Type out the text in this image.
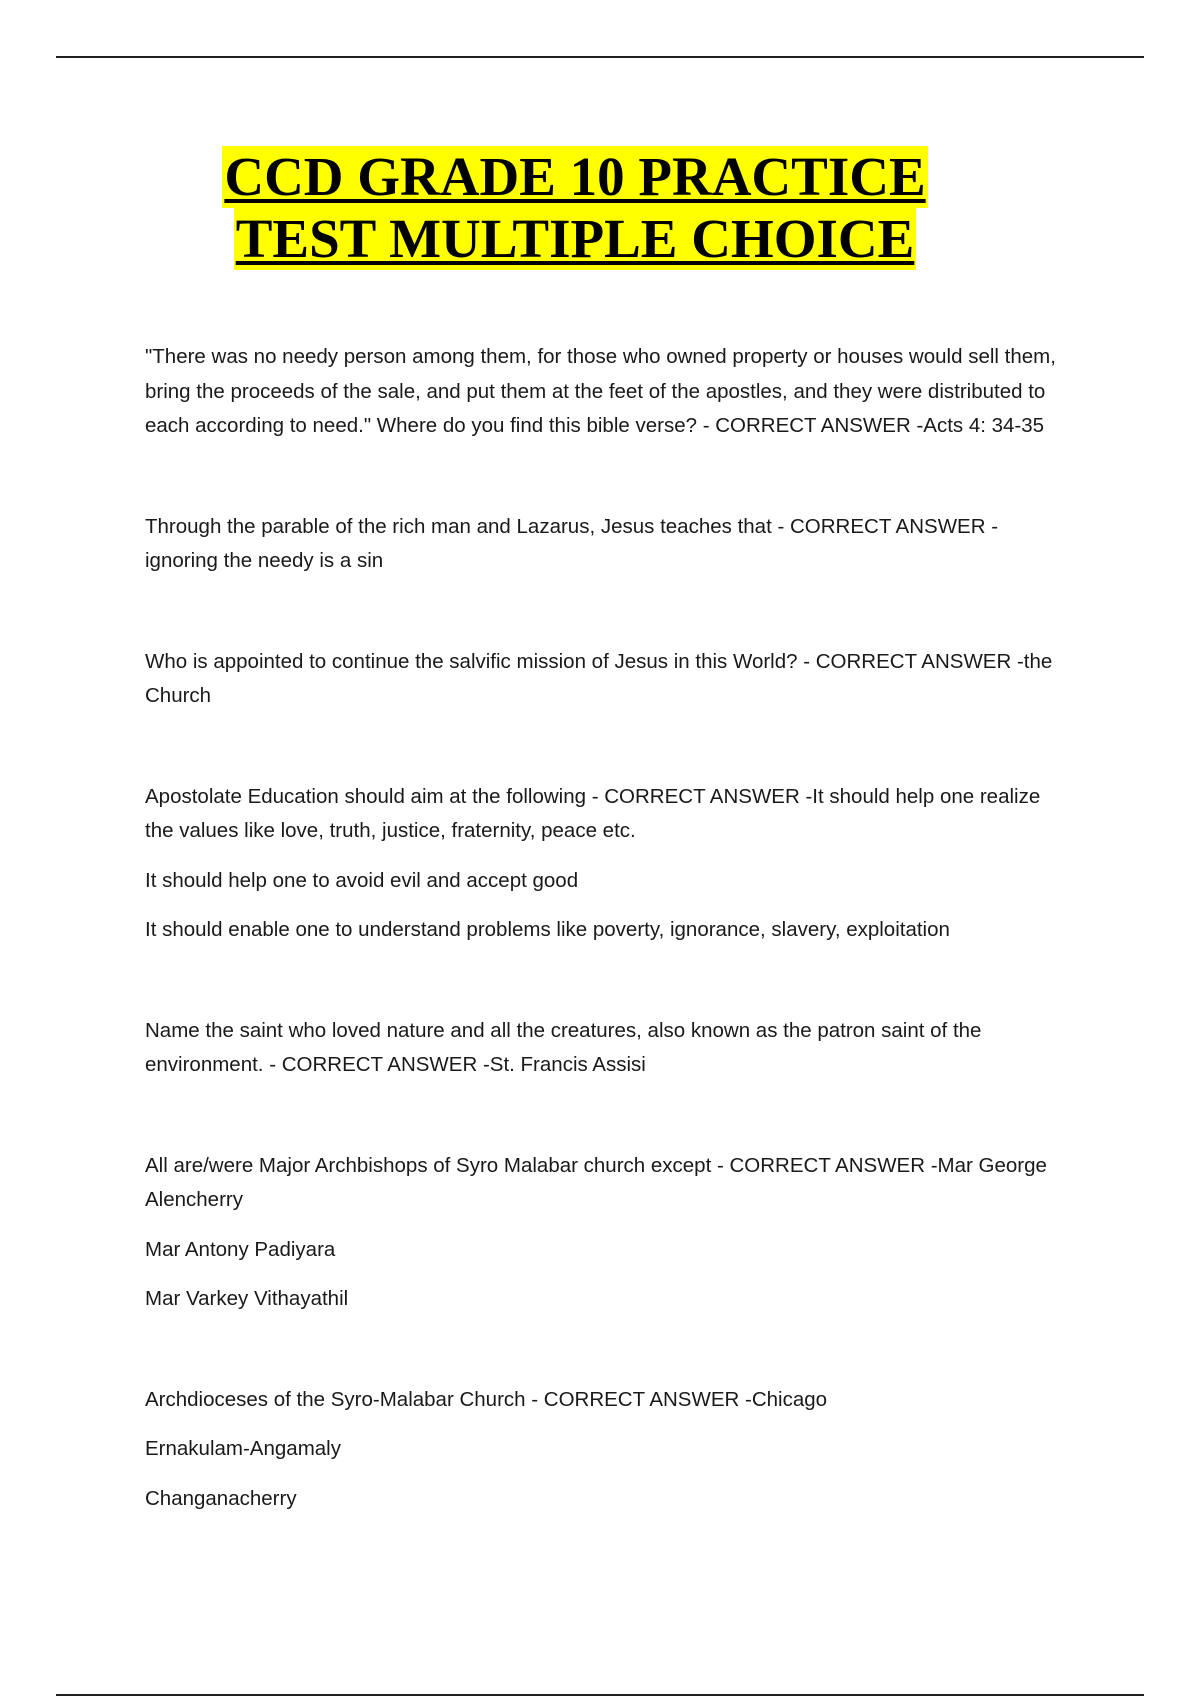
CCD GRADE 10 PRACTICE
TEST MULTIPLE CHOICE

"There was no needy person among them, for those who owned property or houses would sell them, bring the proceeds of the sale, and put them at the feet of the apostles, and they were distributed to each according to need." Where do you find this bible verse? - CORRECT ANSWER -Acts 4: 34-35

Through the parable of the rich man and Lazarus, Jesus teaches that - CORRECT ANSWER -ignoring the needy is a sin

Who is appointed to continue the salvific mission of Jesus in this World? - CORRECT ANSWER -the Church

Apostolate Education should aim at the following - CORRECT ANSWER -It should help one realize the values like love, truth, justice, fraternity, peace etc.

It should help one to avoid evil and accept good

It should enable one to understand problems like poverty, ignorance, slavery, exploitation

Name the saint who loved nature and all the creatures, also known as the patron saint of the environment. - CORRECT ANSWER -St. Francis Assisi

All are/were Major Archbishops of Syro Malabar church except - CORRECT ANSWER -Mar George Alencherry

Mar Antony Padiyara

Mar Varkey Vithayathil

Archdioceses of the Syro-Malabar Church - CORRECT ANSWER -Chicago

Ernakulam-Angamaly

Changanacherry
